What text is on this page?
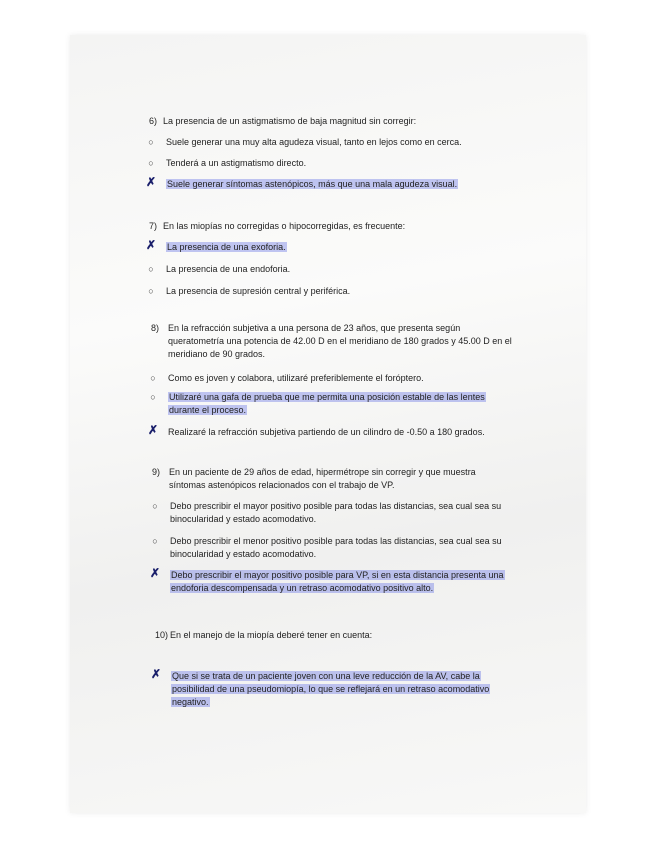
6) La presencia de un astigmatismo de baja magnitud sin corregir:
○ Suele generar una muy alta agudeza visual, tanto en lejos como en cerca.
○ Tenderá a un astigmatismo directo.
✗ Suele generar síntomas astenópicos, más que una mala agudeza visual.
7) En las miopías no corregidas o hipocorregidas, es frecuente:
✗ La presencia de una exoforia.
○ La presencia de una endoforia.
○ La presencia de supresión central y periférica.
8) En la refracción subjetiva a una persona de 23 años, que presenta según queratometría una potencia de 42.00 D en el meridiano de 180 grados y 45.00 D en el meridiano de 90 grados.
○ Como es joven y colabora, utilizaré preferiblemente el foróptero.
○ Utilizaré una gafa de prueba que me permita una posición estable de las lentes durante el proceso.
✗ Realizaré la refracción subjetiva partiendo de un cilindro de -0.50 a 180 grados.
9) En un paciente de 29 años de edad, hipermétrope sin corregir y que muestra síntomas astenópicos relacionados con el trabajo de VP.
○ Debo prescribir el mayor positivo posible para todas las distancias, sea cual sea su binocularidad y estado acomodativo.
○ Debo prescribir el menor positivo posible para todas las distancias, sea cual sea su binocularidad y estado acomodativo.
✗ Debo prescribir el mayor positivo posible para VP, si en esta distancia presenta una endoforia descompensada y un retraso acomodativo positivo alto.
10) En el manejo de la miopía deberé tener en cuenta:
✗ Que si se trata de un paciente joven con una leve reducción de la AV, cabe la posibilidad de una pseudomiopía, lo que se reflejará en un retraso acomodativo negativo.
